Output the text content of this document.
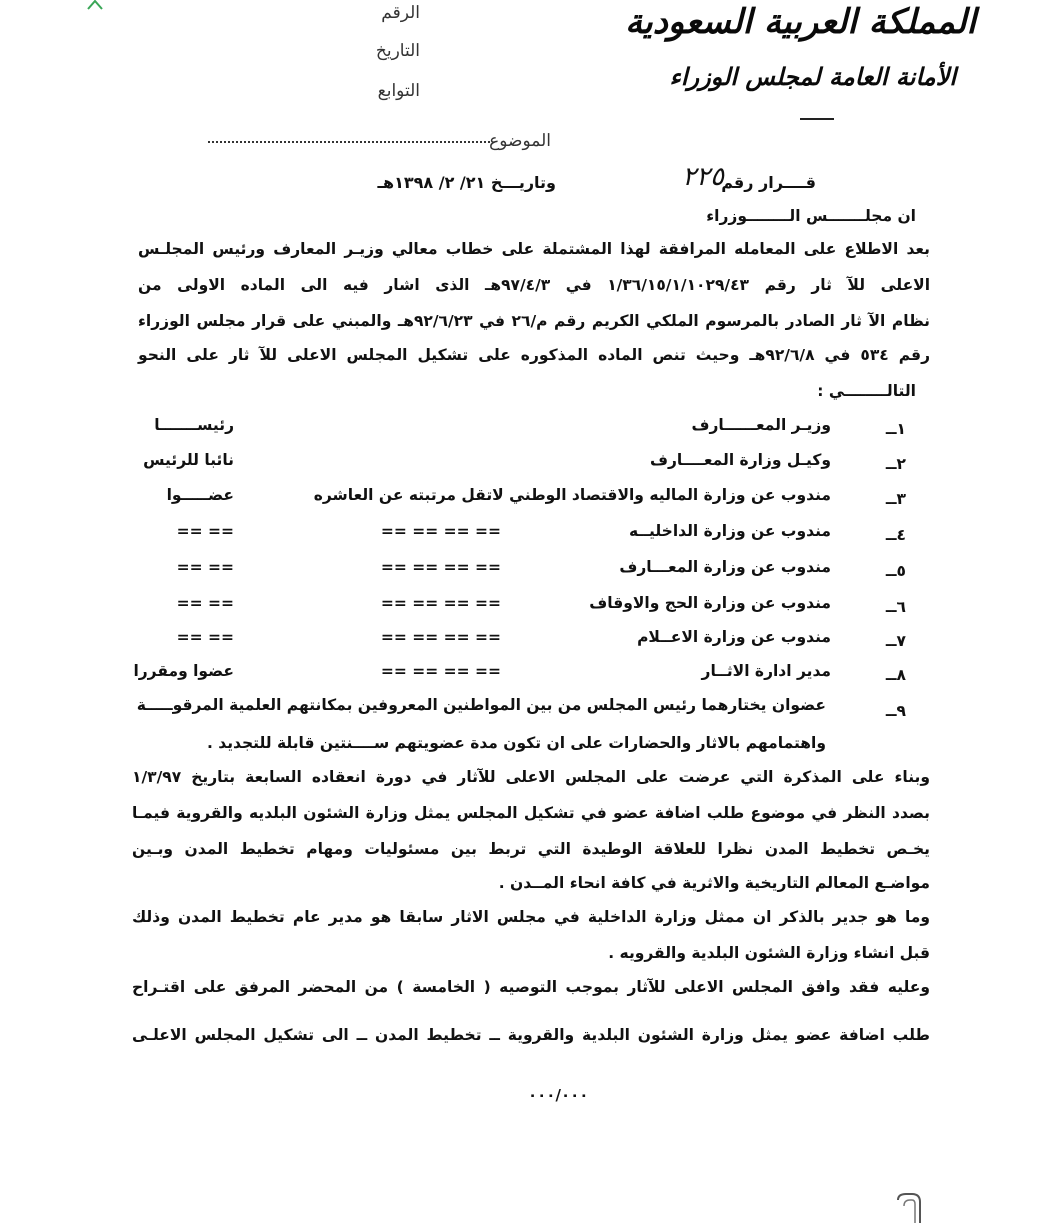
المملكة العربية السعودية
الأمانة العامة لمجلس الوزراء
الرقم
التاريخ
التوابع
الموضوع
قــــرار رقم
٢٢٥
وتاريـــخ ٢١/ ٢/ ١٣٩٨هـ
ان مجلـــــــس الــــــــوزراء
بعد الاطلاع على المعامله المرافقة لهذا المشتملة على خطاب معالي وزيـر المعارف ورئيس المجلـس
الاعلى للآ ثار رقم ١/٣٦/١٥/١/١٠٢٩/٤٣ في ٩٧/٤/٣هـ الذى اشار فيه الى الماده الاولى من
نظام الآ ثار الصادر بالمرسوم الملكي الكريم رقم م/٢٦ في ٩٢/٦/٢٣هـ والمبني على قرار مجلس الوزراء
رقم ٥٣٤ في ٩٢/٦/٨هـ وحيث تنص الماده المذكوره على تشكيل المجلس الاعلى للآ ثار على النحو
التالــــــــي :
١ــ
وزيـر المعــــــارف
رئيســـــــا
٢ــ
وكيـل وزارة المعــــارف
نائبا للرئيس
٣ــ
مندوب عن وزارة الماليه والاقتصاد الوطني لاتقل مرتبته عن العاشره
عضـــــوا
٤ــ
مندوب عن وزارة الداخليــه
== == == ==
== ==
٥ــ
مندوب عن وزارة المعـــارف
== == == ==
== ==
٦ــ
مندوب عن وزارة الحج والاوقاف
== == == ==
== ==
٧ــ
مندوب عن وزارة الاعــلام
== == == ==
== ==
٨ــ
مدير ادارة الاثــار
== == == ==
عضوا ومقررا
٩ــ
عضوان يختارهما رئيس المجلس من بين المواطنين المعروفين بمكانتهم العلمية المرقوـــــة
واهتمامهم بالاثار والحضارات على ان تكون مدة عضويتهم ســــنتين قابلة للتجديد .
وبناء على المذكرة التي عرضت على المجلس الاعلى للآثار في دورة انعقاده السابعة بتاريخ ١/٣/٩٧
بصدد النظر في موضوع طلب اضافة عضو في تشكيل المجلس يمثل وزارة الشئون البلديه والقروية فيمـا
يخـص تخطيط المدن نظرا للعلاقة الوطيدة التي تربط بين مسئوليات ومهام تخطيط المدن وبـين
مواضـع المعالم التاريخية والاثرية في كافة انحاء المــدن .
وما هو جدير بالذكر ان ممثل وزارة الداخلية في مجلس الاثار سابقا هو مدير عام تخطيط المدن وذلك
قبل انشاء وزارة الشئون البلدية والقرويه .
وعليه فقد وافق المجلس الاعلى للآثار بموجب التوصيه ( الخامسة ) من المحضر المرفق على اقتـراح
طلب اضافة عضو يمثل وزارة الشئون البلدية والقروية ــ تخطيط المدن ــ الى تشكيل المجلس الاعلـى
٠٠٠/٠٠٠
